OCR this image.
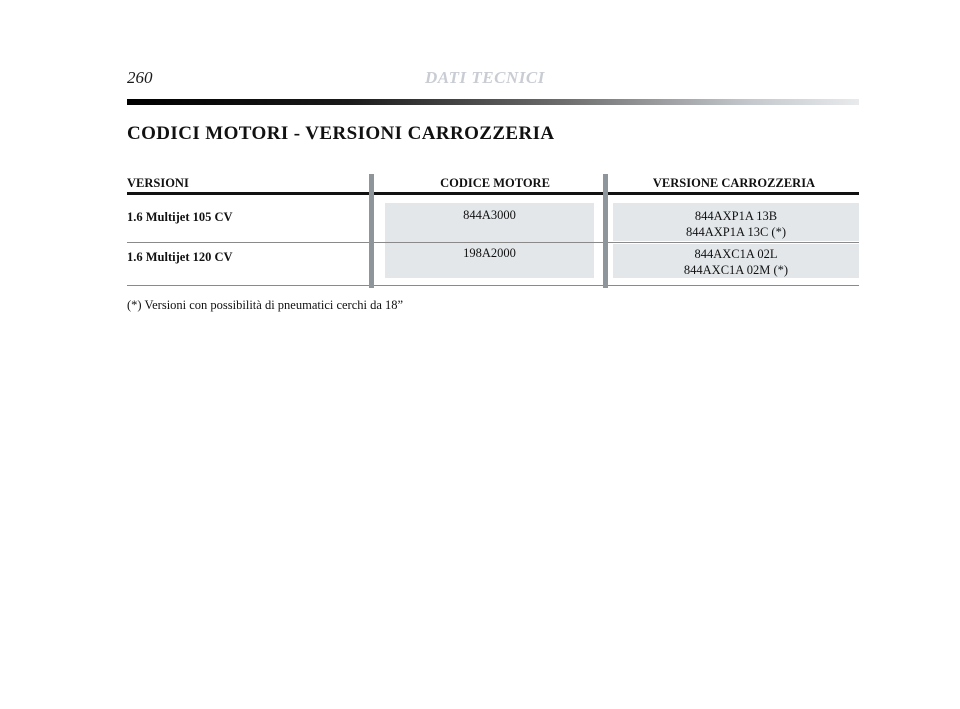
260	DATI TECNICI
CODICI MOTORI - VERSIONI CARROZZERIA
VERSIONI	CODICE MOTORE	VERSIONE CARROZZERIA
1.6 Multijet 105 CV	844A3000	844AXP1A 13B
844AXP1A 13C (*)
1.6 Multijet 120 CV	198A2000	844AXC1A 02L
844AXC1A 02M (*)
(*) Versioni con possibilità di pneumatici cerchi da 18”
